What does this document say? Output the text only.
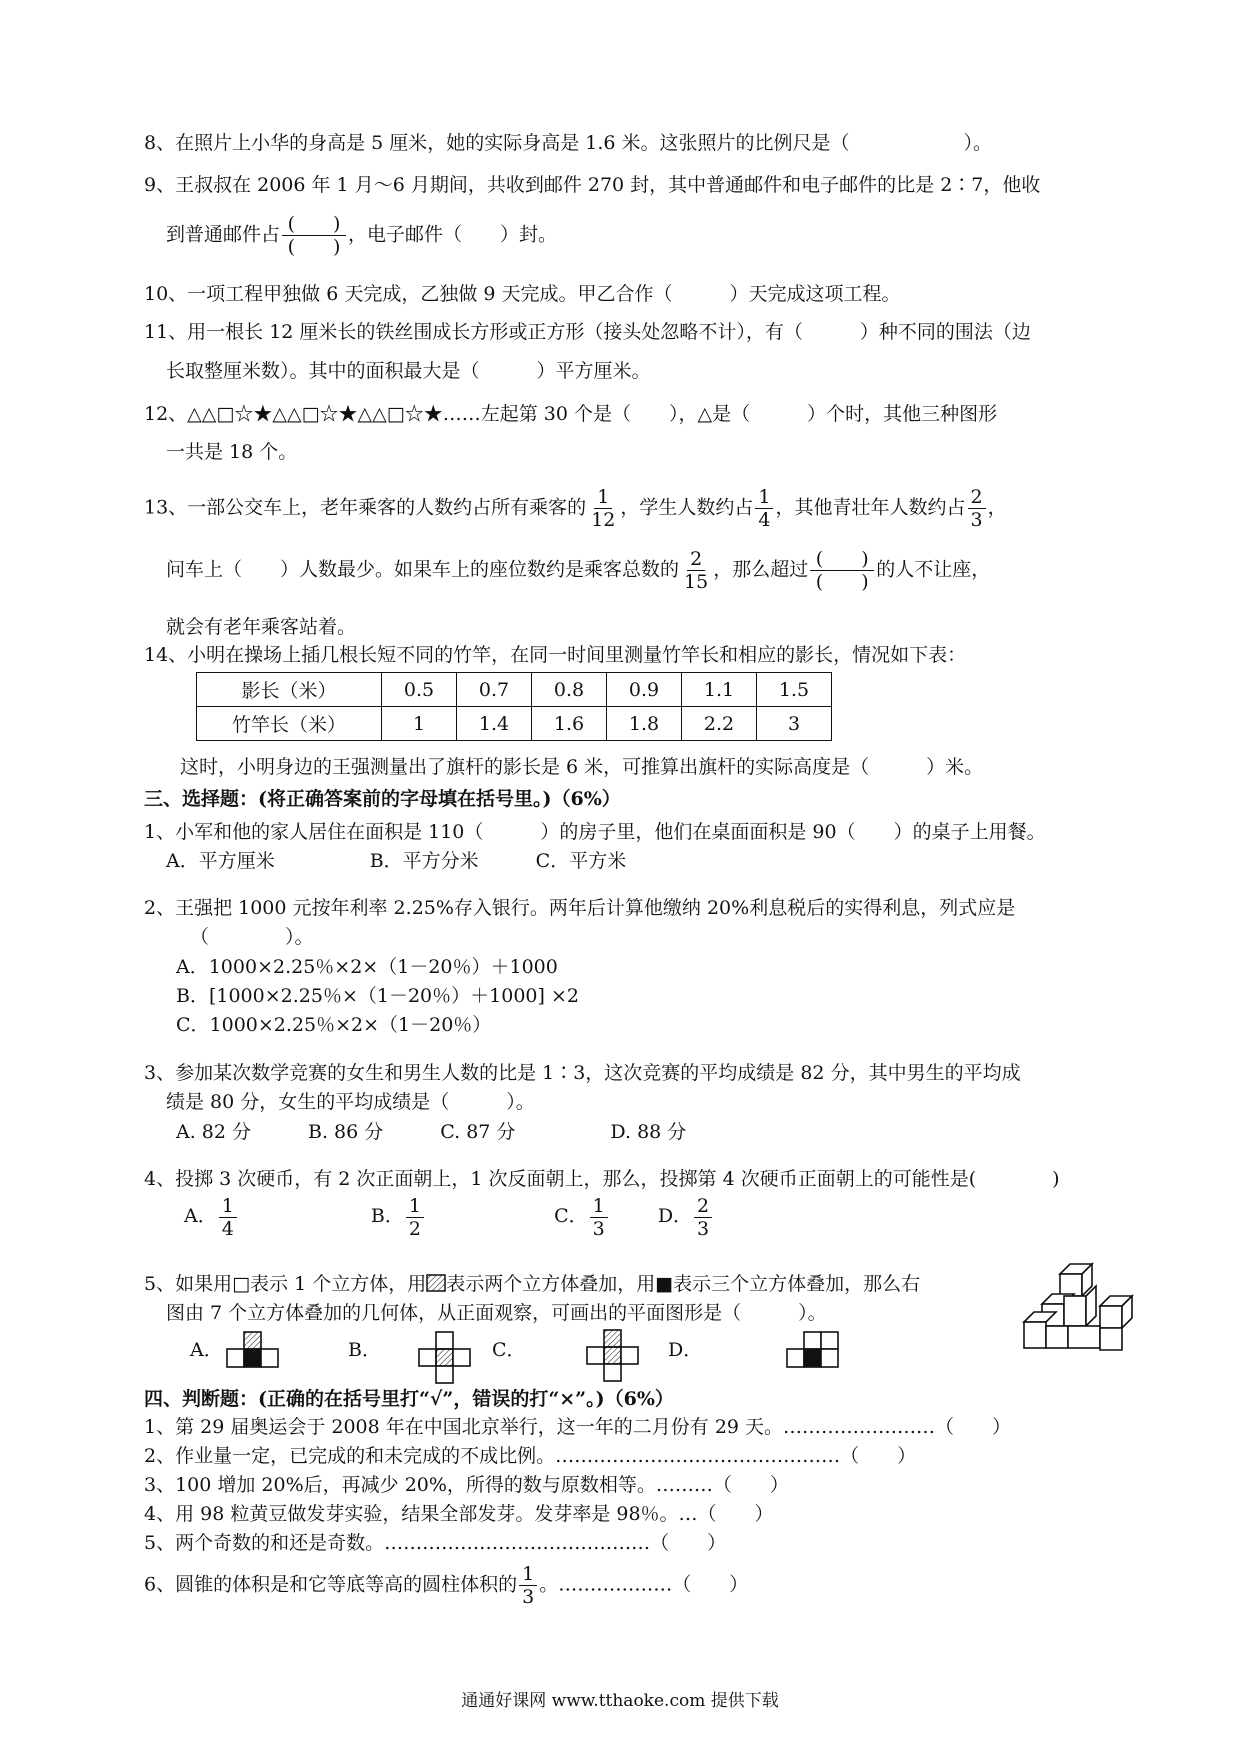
8、在照片上小华的身高是 5 厘米，她的实际身高是 1.6 米。这张照片的比例尺是（　　　　　　）。
9、王叔叔在 2006 年 1 月～6 月期间，共收到邮件 270 封，其中普通邮件和电子邮件的比是 2∶7，他收
到普通邮件占 $\frac{( )}{( )}$ ，电子邮件（　　）封。
10、一项工程甲独做 6 天完成，乙独做 9 天完成。甲乙合作（　　　）天完成这项工程。
11、用一根长 12 厘米长的铁丝围成长方形或正方形（接头处忽略不计），有（　　　）种不同的围法（边
长取整厘米数）。其中的面积最大是（　　　）平方厘米。
12、△△□☆★△△□☆★△△□☆★……左起第 30 个是（　　），△是（　　　）个时，其他三种图形
一共是 18 个。
13、一部公交车上，老年乘客的人数约占所有乘客的 $\frac{1}{12}$ ，学生人数约占 $\frac{1}{4}$ ，其他青壮年人数约占 $\frac{2}{3}$ ，
问车上（　　）人数最少。如果车上的座位数约是乘客总数的 $\frac{2}{15}$ ，那么超过 $\frac{( )}{( )}$ 的人不让座，
就会有老年乘客站着。
14、小明在操场上插几根长短不同的竹竿，在同一时间里测量竹竿长和相应的影长，情况如下表：
影长（米）	0.5	0.7	0.8	0.9	1.1	1.5
竹竿长（米）	1	1.4	1.6	1.8	2.2	3
这时，小明身边的王强测量出了旗杆的影长是 6 米，可推算出旗杆的实际高度是（　　　）米。
三、选择题：(将正确答案前的字母填在括号里。)（6%）
1、小军和他的家人居住在面积是 110（　　　）的房子里，他们在桌面面积是 90（　　）的桌子上用餐。
A．平方厘米　　　　　B．平方分米　　　C．平方米
2、王强把 1000 元按年利率 2.25%存入银行。两年后计算他缴纳 20%利息税后的实得利息，列式应是
（　　　　）。
A．1000×2.25％×2×（1－20％）＋1000
B．[1000×2.25％×（1－20％）＋1000] ×2
C．1000×2.25％×2×（1－20％）
3、参加某次数学竞赛的女生和男生人数的比是 1∶3，这次竞赛的平均成绩是 82 分，其中男生的平均成
绩是 80 分，女生的平均成绩是（　　　）。
A. 82 分　　　B. 86 分　　　C. 87 分　　　　　D. 88 分
4、投掷 3 次硬币，有 2 次正面朝上，1 次反面朝上，那么，投掷第 4 次硬币正面朝上的可能性是(　　　　)
A． $\frac{1}{4}$	B． $\frac{1}{2}$	C． $\frac{1}{3}$	D． $\frac{2}{3}$
5、如果用□表示 1 个立方体，用 表示两个立方体叠加，用■表示三个立方体叠加，那么右
图由 7 个立方体叠加的几何体，从正面观察，可画出的平面图形是（　　　）。
A．	B．	C．	D．
四、判断题：(正确的在括号里打“√”，错误的打“×”。)（6%）
1、第 29 届奥运会于 2008 年在中国北京举行，这一年的二月份有 29 天。……………………（　　）
2、作业量一定，已完成的和未完成的不成比例。………………………………………（　　）
3、100 增加 20%后，再减少 20%，所得的数与原数相等。………（　　）
4、用 98 粒黄豆做发芽实验，结果全部发芽。发芽率是 98％。…（　　）
5、两个奇数的和还是奇数。……………………………………（　　）
6、圆锥的体积是和它等底等高的圆柱体积的 $\frac{1}{3}$ 。………………（　　）
通通好课网 www.tthaoke.com 提供下载
